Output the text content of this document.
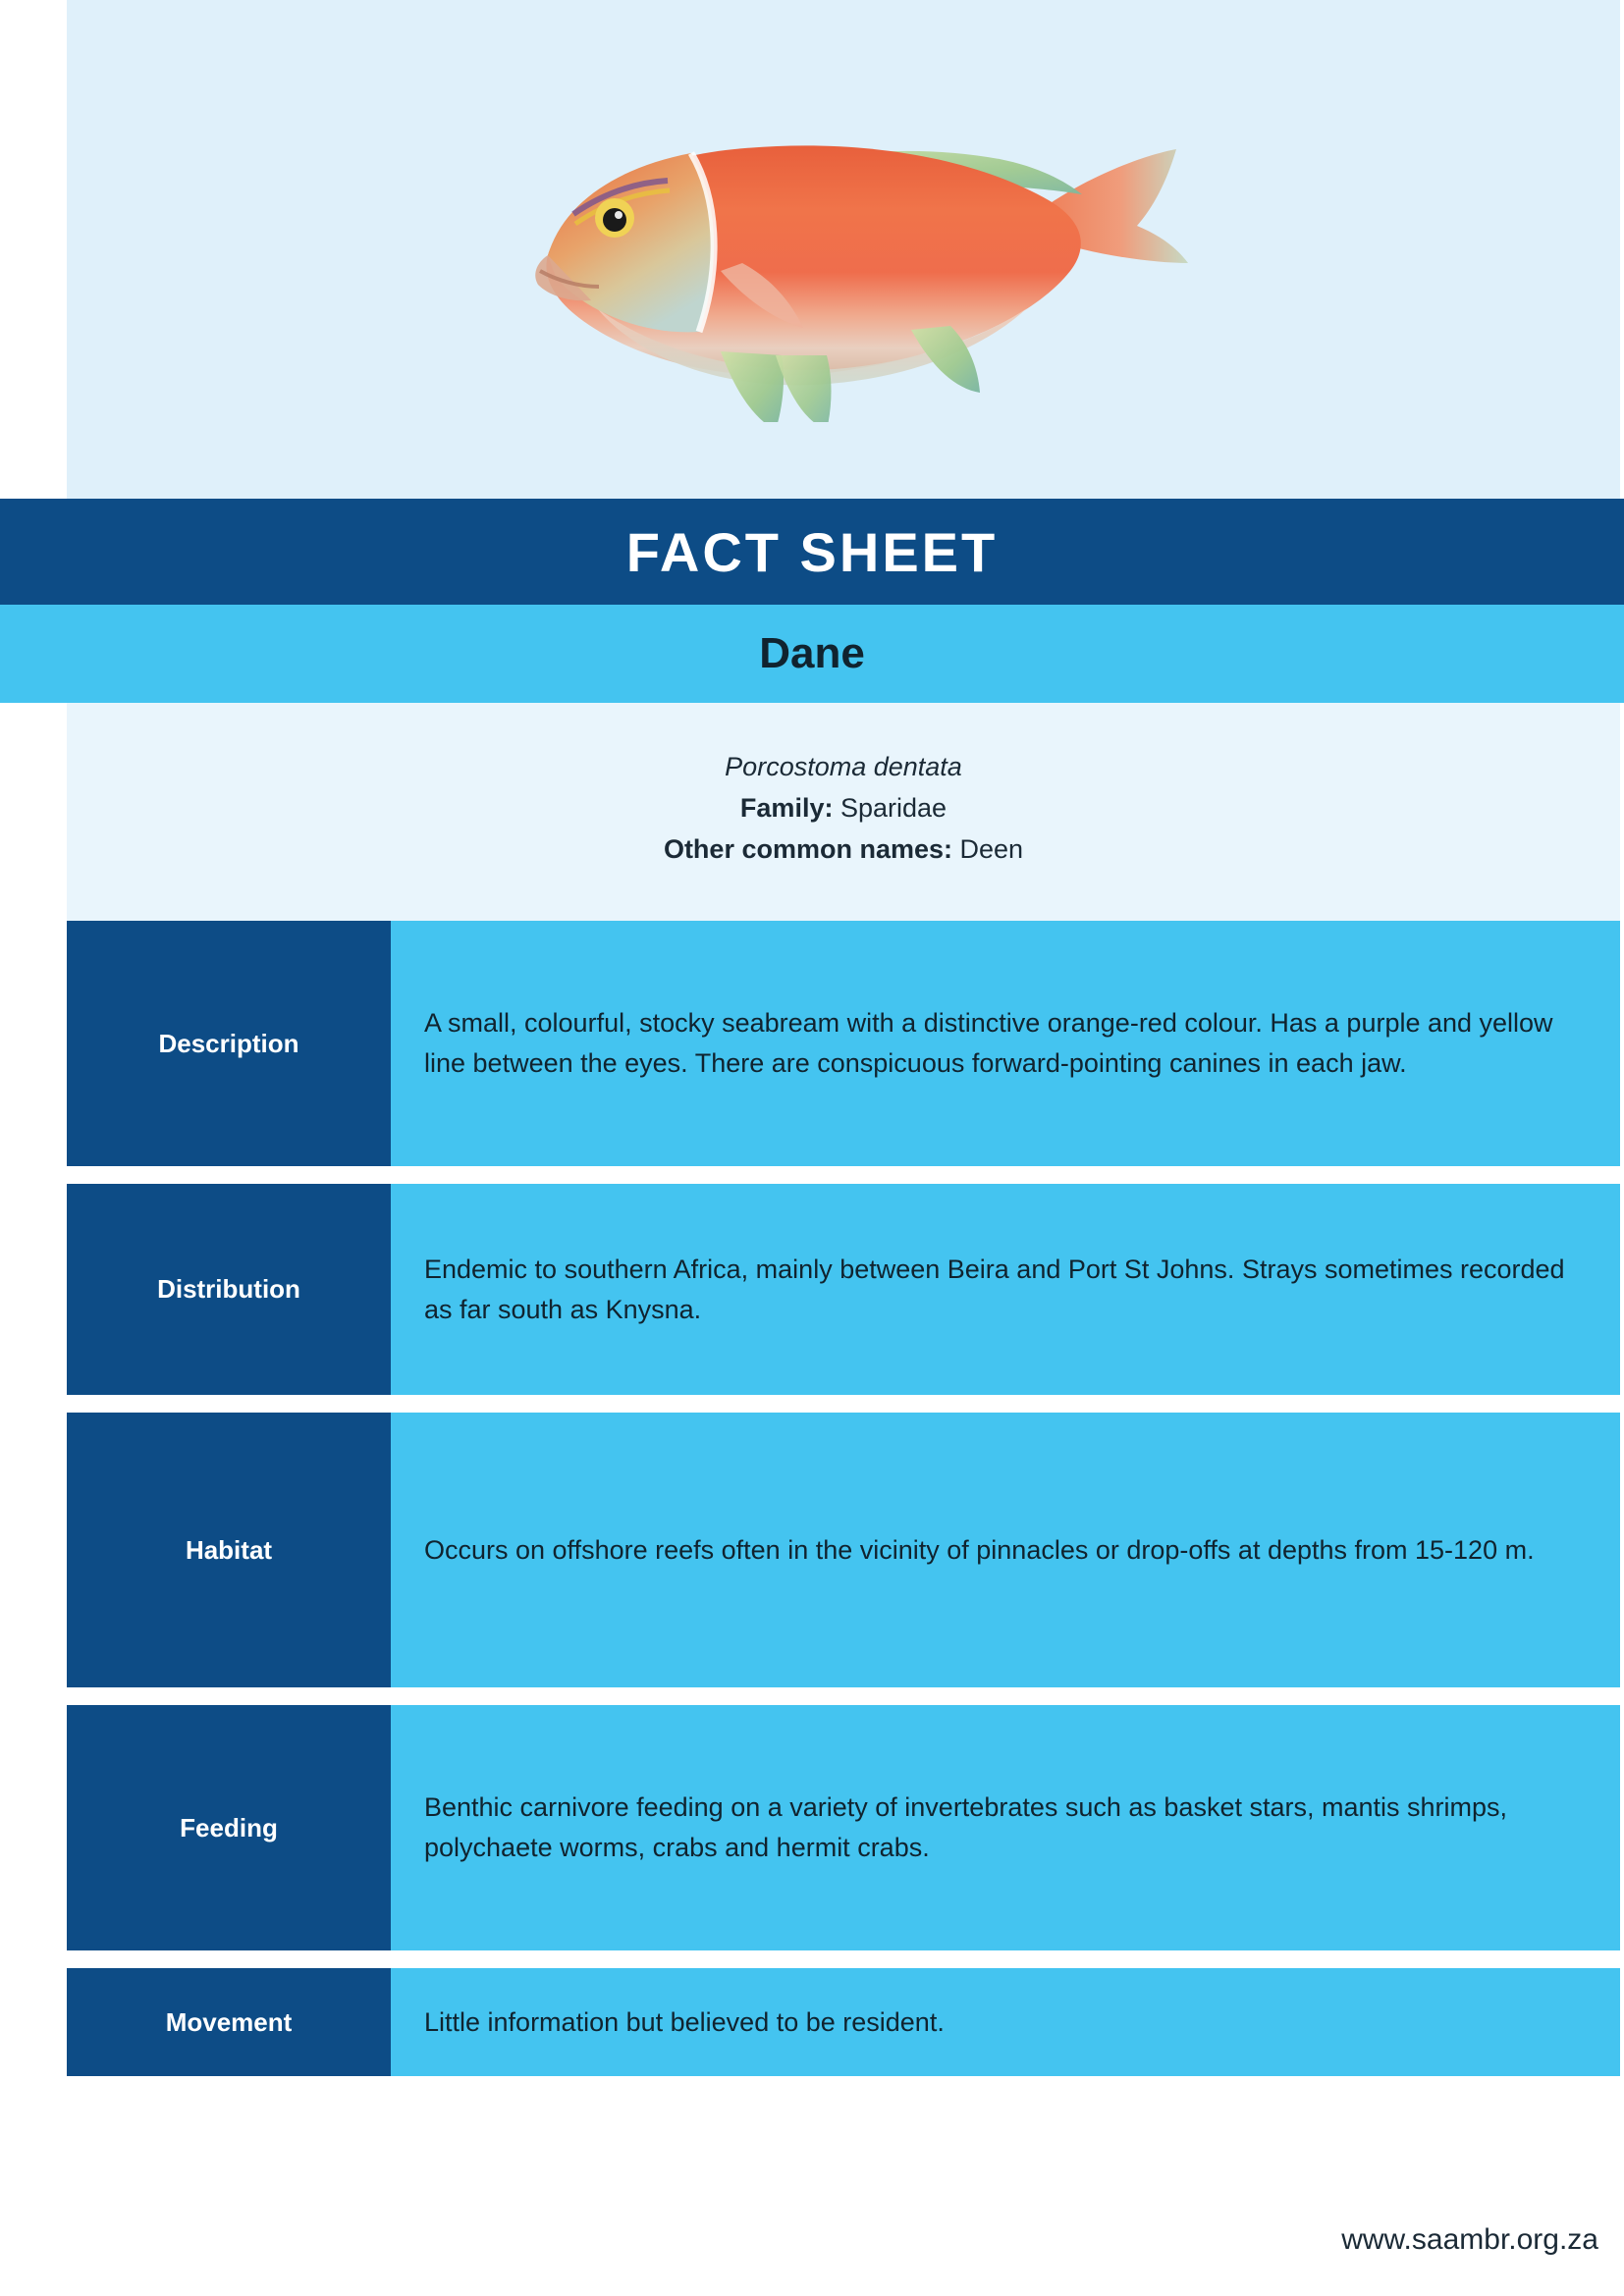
FACT SHEET
Dane
Porcostoma dentata
Family: Sparidae
Other common names: Deen
Description
A small, colourful, stocky seabream with a distinctive orange-red colour. Has a purple and yellow line between the eyes. There are conspicuous forward-pointing canines in each jaw.
Distribution
Endemic to southern Africa, mainly between Beira and Port St Johns. Strays sometimes recorded as far south as Knysna.
Habitat	Occurs on offshore reefs often in the vicinity of pinnacles or drop-offs at depths from 15-120 m.
Feeding
Benthic carnivore feeding on a variety of invertebrates such as basket stars, mantis shrimps, polychaete worms, crabs and hermit crabs.
Movement	Little information but believed to be resident.
www.saambr.org.za
